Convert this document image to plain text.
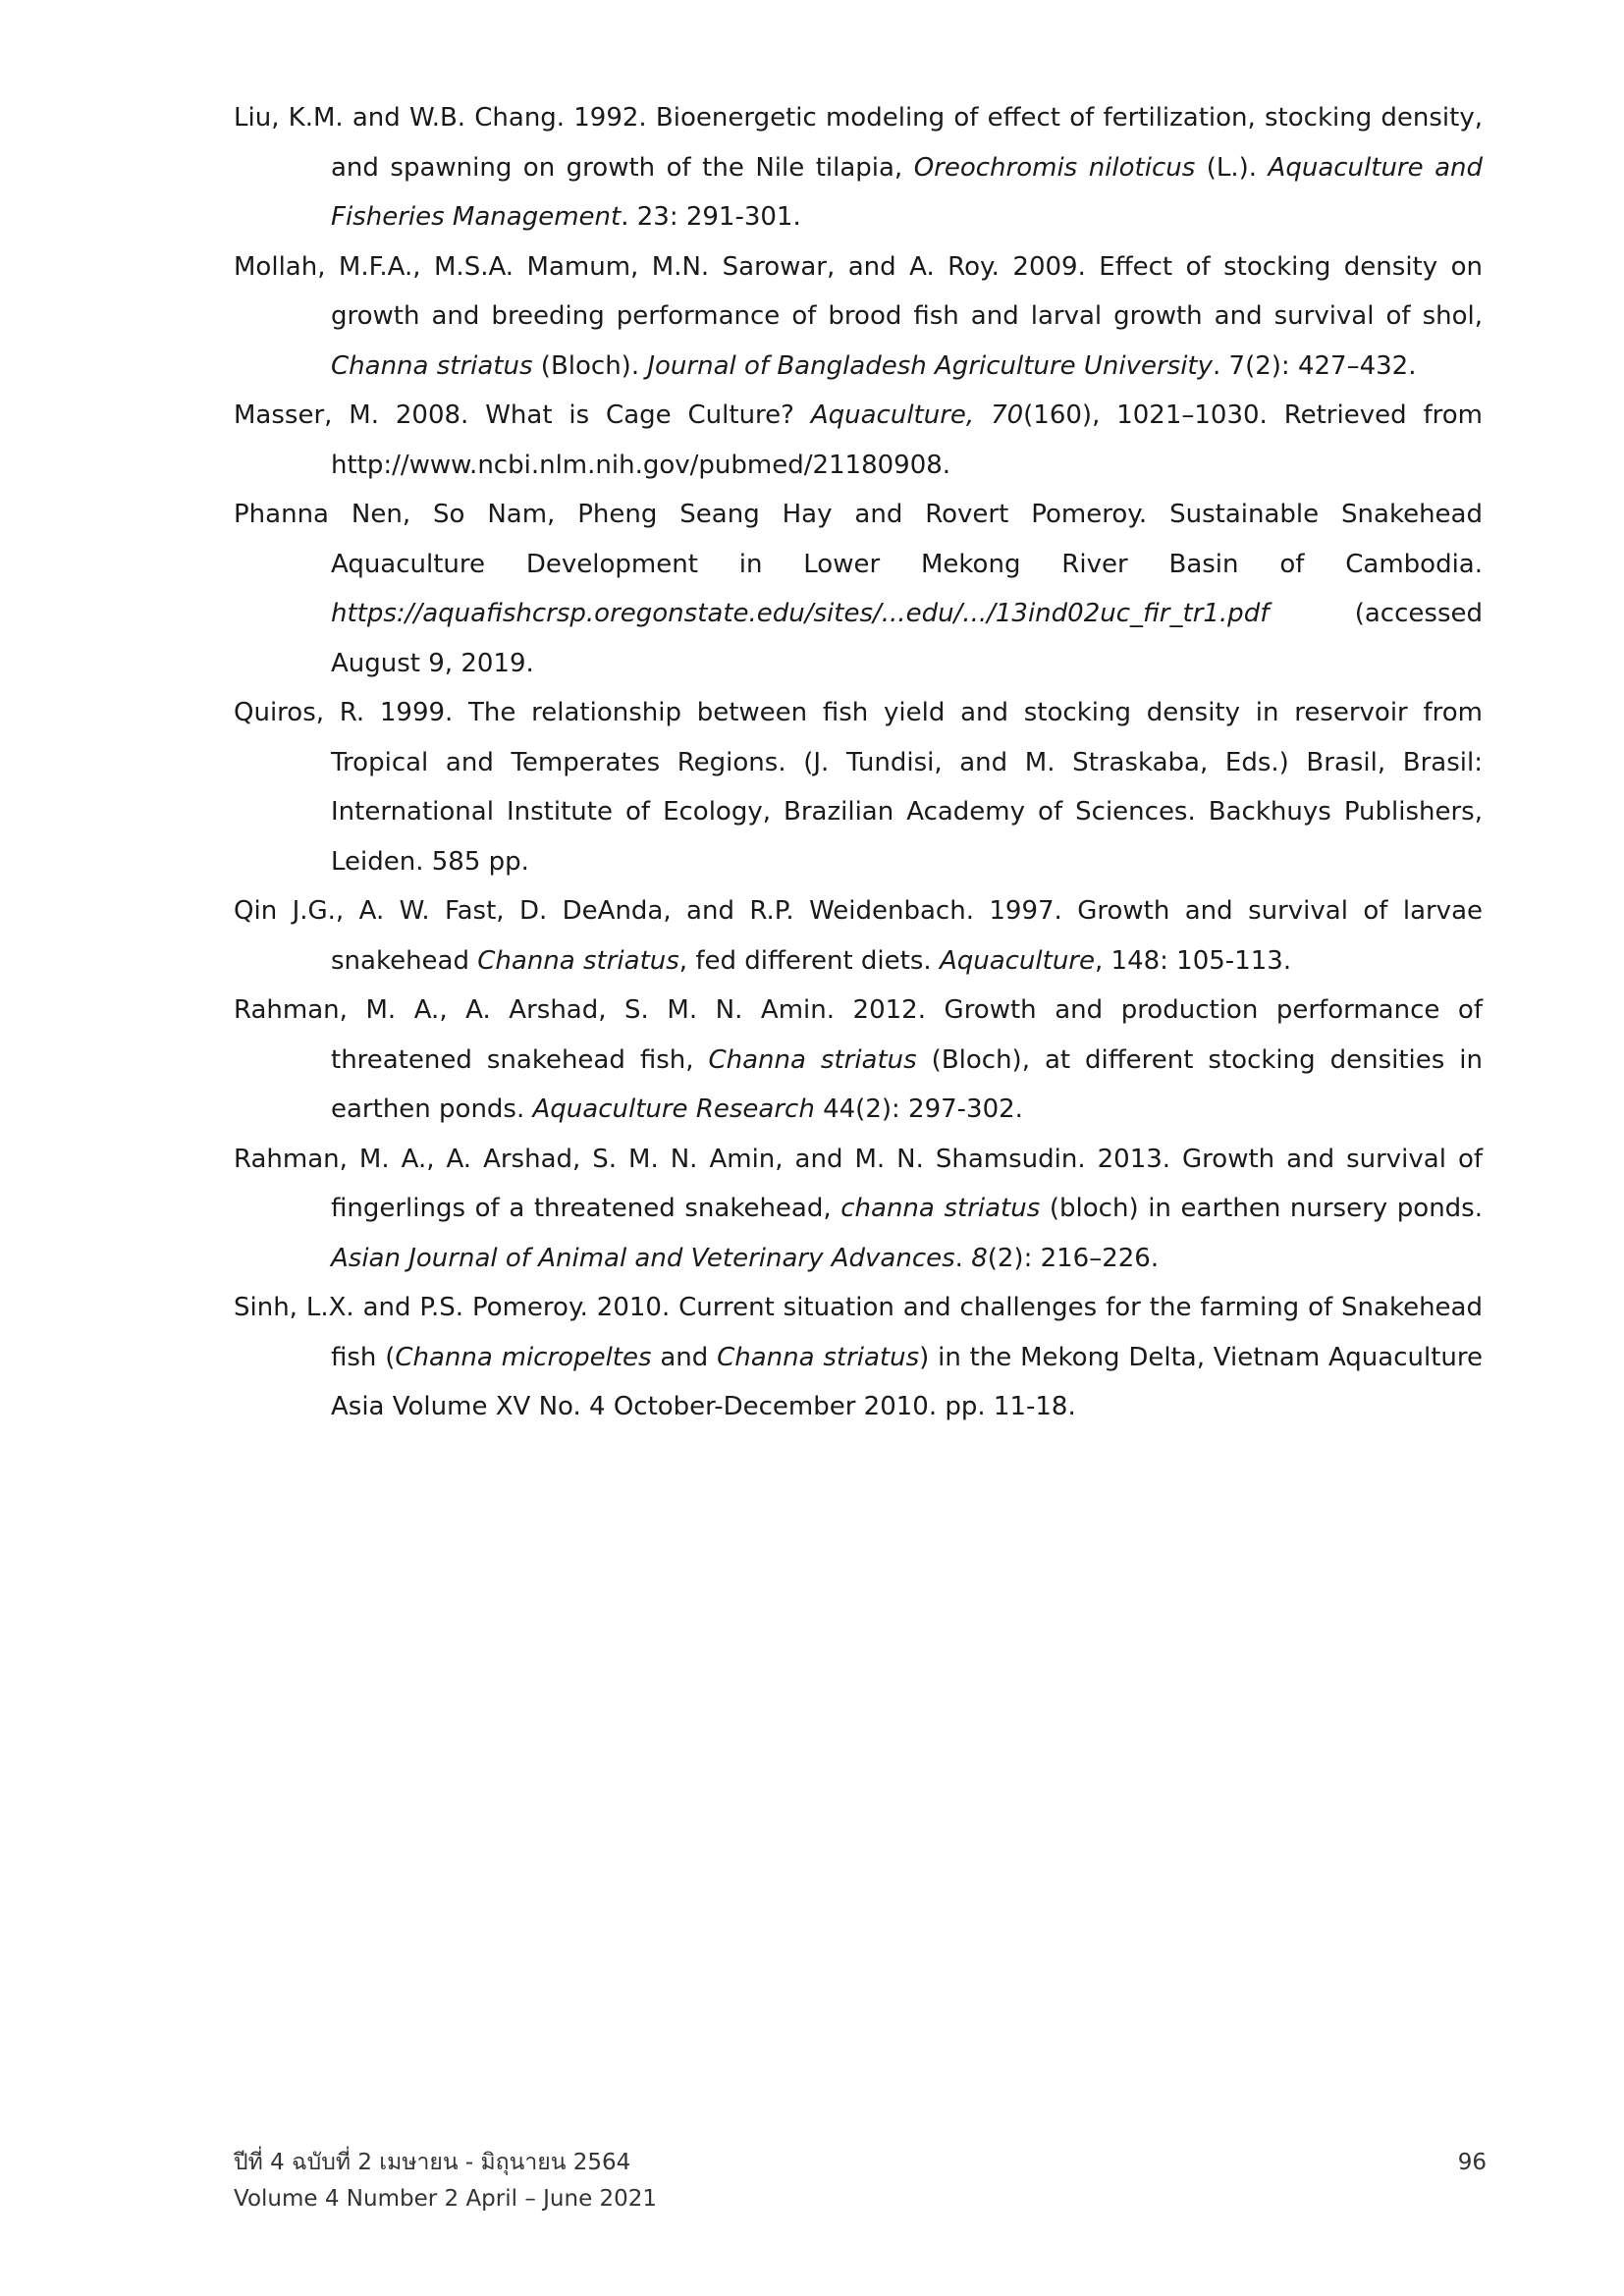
Liu, K.M. and W.B. Chang. 1992. Bioenergetic modeling of effect of fertilization, stocking density, and spawning on growth of the Nile tilapia, Oreochromis niloticus (L.). Aquaculture and Fisheries Management. 23: 291-301.
Mollah, M.F.A., M.S.A. Mamum, M.N. Sarowar, and A. Roy. 2009. Effect of stocking density on growth and breeding performance of brood fish and larval growth and survival of shol, Channa striatus (Bloch). Journal of Bangladesh Agriculture University. 7(2): 427–432.
Masser, M. 2008. What is Cage Culture? Aquaculture, 70(160), 1021–1030. Retrieved from http://www.ncbi.nlm.nih.gov/pubmed/21180908.
Phanna Nen, So Nam, Pheng Seang Hay and Rovert Pomeroy. Sustainable Snakehead Aquaculture Development in Lower Mekong River Basin of Cambodia. https://aquafishcrsp.oregonstate.edu/sites/...edu/.../13ind02uc_fir_tr1.pdf (accessed August 9, 2019.
Quiros, R. 1999. The relationship between fish yield and stocking density in reservoir from Tropical and Temperates Regions. (J. Tundisi, and M. Straskaba, Eds.) Brasil, Brasil: International Institute of Ecology, Brazilian Academy of Sciences. Backhuys Publishers, Leiden. 585 pp.
Qin J.G., A. W. Fast, D. DeAnda, and R.P. Weidenbach. 1997. Growth and survival of larvae snakehead Channa striatus, fed different diets. Aquaculture, 148: 105-113.
Rahman, M. A., A. Arshad, S. M. N. Amin. 2012. Growth and production performance of threatened snakehead fish, Channa striatus (Bloch), at different stocking densities in earthen ponds. Aquaculture Research 44(2): 297-302.
Rahman, M. A., A. Arshad, S. M. N. Amin, and M. N. Shamsudin. 2013. Growth and survival of fingerlings of a threatened snakehead, channa striatus (bloch) in earthen nursery ponds. Asian Journal of Animal and Veterinary Advances. 8(2): 216–226.
Sinh, L.X. and P.S. Pomeroy. 2010. Current situation and challenges for the farming of Snakehead fish (Channa micropeltes and Channa striatus) in the Mekong Delta, Vietnam Aquaculture Asia Volume XV No. 4 October-December 2010. pp. 11-18.
ปีที่ 4 ฉบับที่ 2 เมษายน - มิถุนายน 2564	96
Volume 4 Number 2 April – June 2021
